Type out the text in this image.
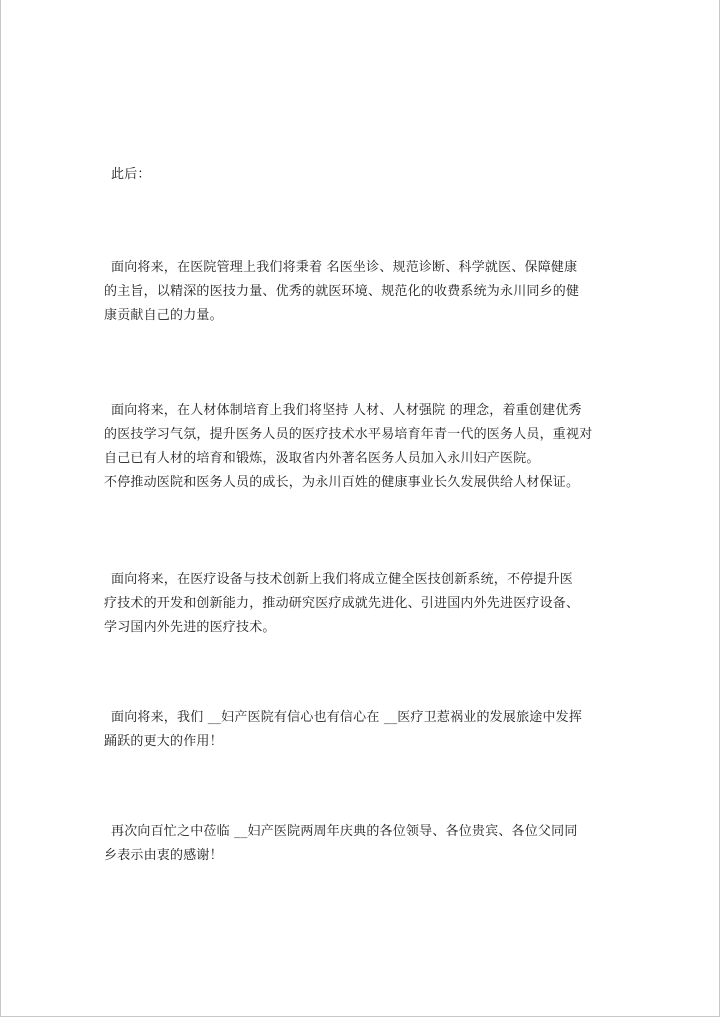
此后：

面向将来，在医院管理上我们将秉着 名医坐诊、规范诊断、科学就医、保障健康
的主旨，以精深的医技力量、优秀的就医环境、规范化的收费系统为永川同乡的健
康贡献自己的力量。

面向将来，在人材体制培育上我们将坚持 人材、人材强院 的理念，着重创建优秀
的医技学习气氛，提升医务人员的医疗技术水平易培育年青一代的医务人员，重视对
自己已有人材的培育和锻炼，汲取省内外著名医务人员加入永川妇产医院。
不停推动医院和医务人员的成长，为永川百姓的健康事业长久发展供给人材保证。

面向将来，在医疗设备与技术创新上我们将成立健全医技创新系统，不停提升医
疗技术的开发和创新能力，推动研究医疗成就先进化、引进国内外先进医疗设备、
学习国内外先进的医疗技术。

面向将来，我们 __妇产医院有信心也有信心在 __医疗卫惹祸业的发展旅途中发挥
踊跃的更大的作用！

再次向百忙之中莅临 __妇产医院两周年庆典的各位领导、各位贵宾、各位父同同
乡表示由衷的感谢！
